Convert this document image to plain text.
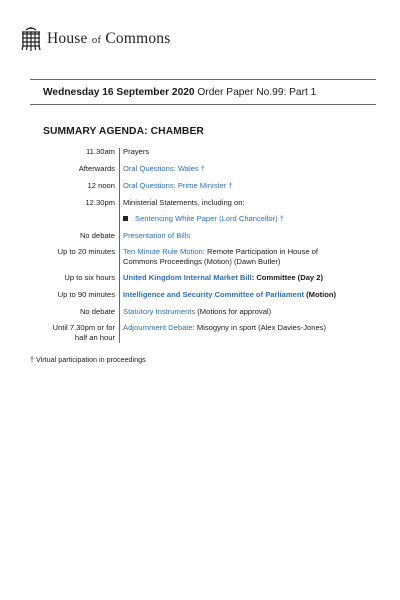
House of Commons
Wednesday 16 September 2020 Order Paper No.99: Part 1
SUMMARY AGENDA: CHAMBER
11.30am Prayers
Afterwards Oral Questions: Wales †
12 noon Oral Questions: Prime Minister †
12.30pm Ministerial Statements, including on:
Sentencing White Paper (Lord Chancellor) †
No debate Presentation of Bills
Up to 20 minutes Ten Minute Rule Motion: Remote Participation in House of Commons Proceedings (Motion) (Dawn Butler)
Up to six hours United Kingdom Internal Market Bill: Committee (Day 2)
Up to 90 minutes Intelligence and Security Committee of Parliament (Motion)
No debate Statutory Instruments (Motions for approval)
Until 7.30pm or for half an hour
Adjournment Debate: Misogyny in sport (Alex Davies-Jones)
† Virtual participation in proceedings
